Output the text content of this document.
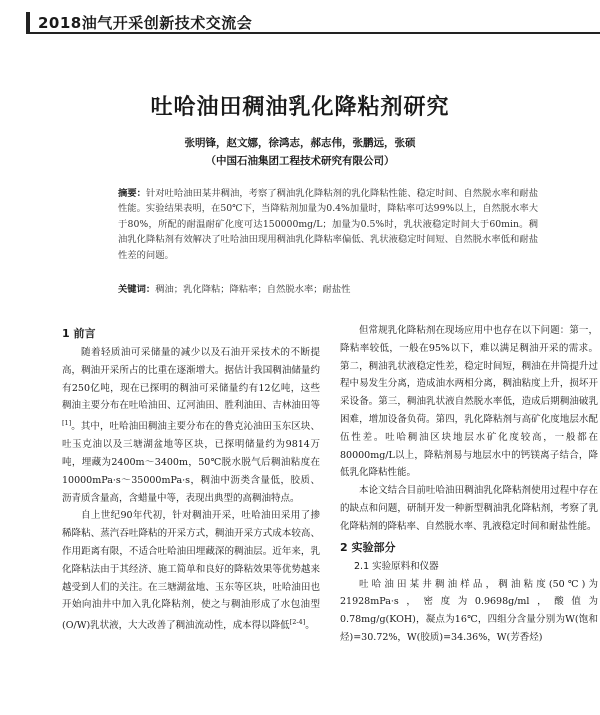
2018油气开采创新技术交流会
吐哈油田稠油乳化降粘剂研究
张明锋，赵文娜，徐鸿志，郝志伟，张鹏远，张硕
（中国石油集团工程技术研究有限公司）
摘要：针对吐哈油田某井稠油，考察了稠油乳化降粘剂的乳化降粘性能、稳定时间、自然脱水率和耐盐性能。实验结果表明，在50℃下，当降粘剂加量为0.4%加量时，降粘率可达99%以上，自然脱水率大于80%，所配的耐温耐矿化度可达150000mg/L；加量为0.5%时，乳状液稳定时间大于60min。稠油乳化降粘剂有效解决了吐哈油田现用稠油乳化降粘率偏低、乳状液稳定时间短、自然脱水率低和耐盐性差的问题。
关键词：稠油；乳化降粘；降粘率；自然脱水率；耐盐性
1 前言

随着轻质油可采储量的减少以及石油开采技术的不断提高，稠油开采所占的比重在逐渐增大。据估计我国稠油储量约有250亿吨，现在已探明的稠油可采储量约有12亿吨，这些稠油主要分布在吐哈油田、辽河油田、胜利油田、吉林油田等[1]。其中，吐哈油田稠油主要分布在的鲁克沁油田玉东区块、吐玉克油以及三塘湖盆地等区块，已探明储量约为9814万吨，埋藏为2400m～3400m，50℃脱水脱气后稠油粘度在10000mPa·s～35000mPa·s，稠油中沥类含量低，胶质、沥青质含量高，含蜡量中等，表现出典型的高稠油特点。

自上世纪90年代初，针对稠油开采，吐哈油田采用了掺稀降粘、蒸汽吞吐降粘的开采方式，稠油开采方式成本较高、作用距离有限，不适合吐哈油田埋藏深的稠油层。近年来，乳化降粘法由于其经济、施工简单和良好的降粘效果等优势越来越受到人们的关注。在三塘湖盆地、玉东等区块，吐哈油田也开始向油井中加入乳化降粘剂，使之与稠油形成了水包油型(O/W)乳状液，大大改善了稠油流动性，成本得以降低[2-4]。

但常规乳化降粘剂在现场应用中也存在以下问题：第一，降粘率较低，一般在95%以下，难以满足稠油开采的需求。第二，稠油乳状液稳定性差，稳定时间短，稠油在井筒提升过程中易发生分离，造成油水两相分离，稠油粘度上升，损坏开采设备。第三，稠油乳状液自然脱水率低，造成后期稠油破乳困难，增加设备负荷。第四，乳化降粘剂与高矿化度地层水配伍性差。吐哈稠油区块地层水矿化度较高，一般都在80000mg/L以上，降粘剂易与地层水中的钙镁离子结合，降低乳化降粘性能。

本论文结合目前吐哈油田稠油乳化降粘剂使用过程中存在的缺点和问题，研制开发一种新型稠油乳化降粘剂，考察了乳化降粘剂的降粘率、自然脱水率、乳液稳定时间和耐盐性能。

2 实验部分
2.1 实验原料和仪器

吐哈油田某井稠油样品，稠油粘度(50℃)为21928mPa·s，密度为0.9698g/ml，酸值为0.78mg/g(KOH)，凝点为16℃，四组分含量分别为W(饱和烃)=30.72%，W(胶质)=34.36%，W(芳香烃)
